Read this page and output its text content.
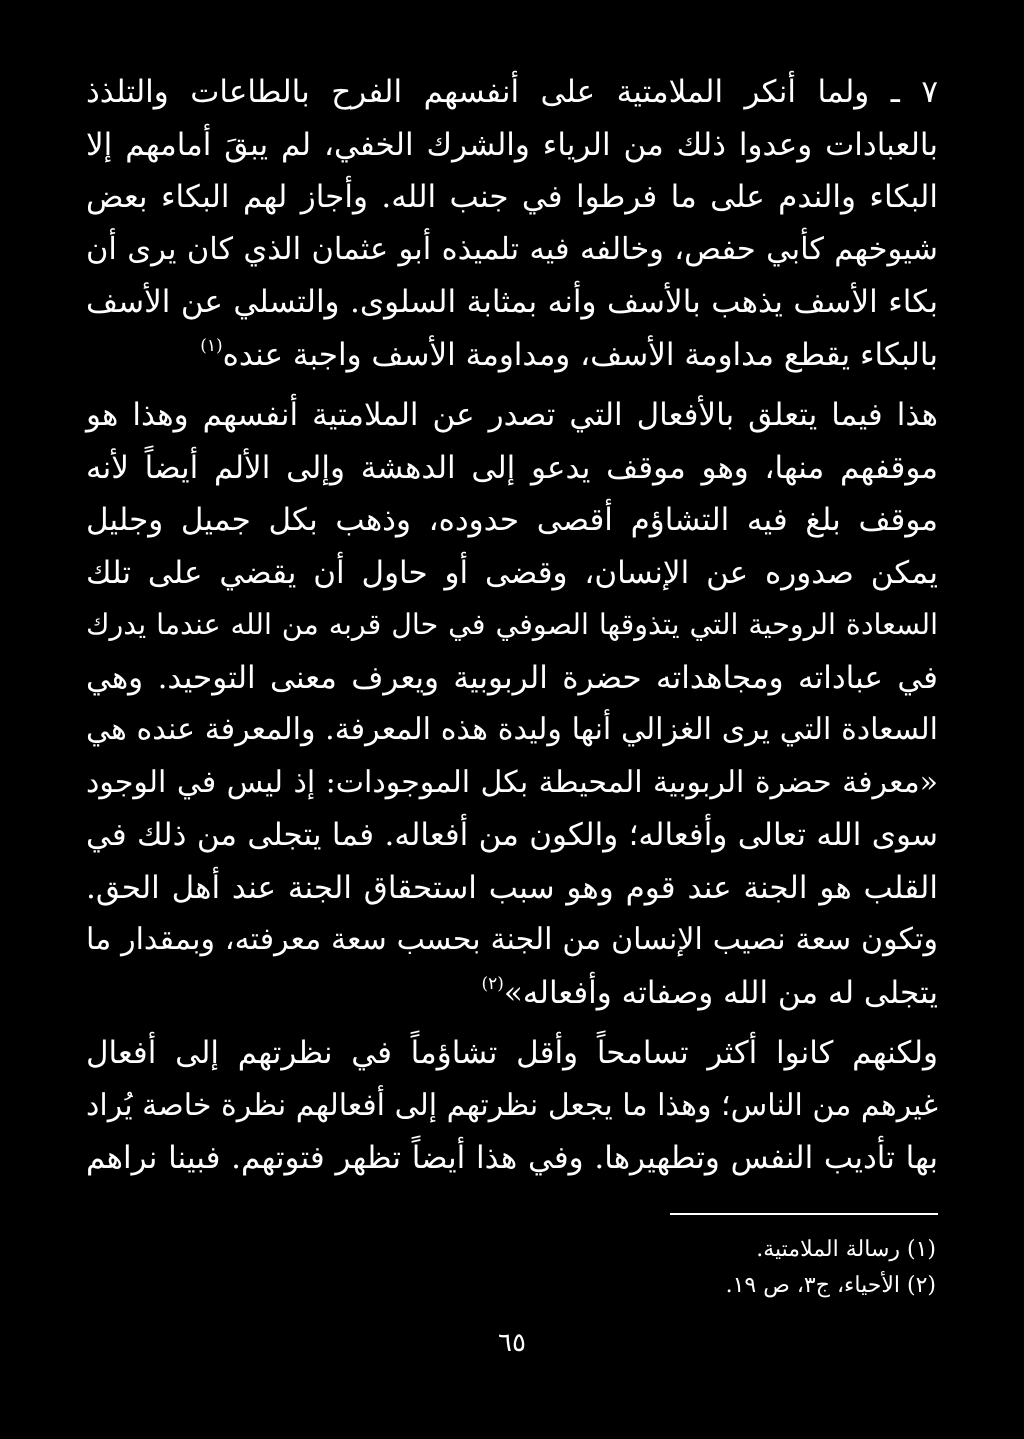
٧ ـ ولما أنكر الملامتية على أنفسهم الفرح بالطاعات والتلذذ
بالعبادات وعدوا ذلك من الرياء والشرك الخفي، لم يبقَ أمامهم إلا
البكاء والندم على ما فرطوا في جنب الله. وأجاز لهم البكاء بعض
شيوخهم كأبي حفص، وخالفه فيه تلميذه أبو عثمان الذي كان يرى أن
بكاء الأسف يذهب بالأسف وأنه بمثابة السلوى. والتسلي عن الأسف
بالبكاء يقطع مداومة الأسف، ومداومة الأسف واجبة عنده$^{(١)}$
هذا فيما يتعلق بالأفعال التي تصدر عن الملامتية أنفسهم وهذا هو
موقفهم منها، وهو موقف يدعو إلى الدهشة وإلى الألم أيضاً لأنه
موقف بلغ فيه التشاؤم أقصى حدوده، وذهب بكل جميل وجليل
يمكن صدوره عن الإنسان، وقضى أو حاول أن يقضي على تلك
السعادة الروحية التي يتذوقها الصوفي في حال قربه من الله عندما يدرك
في عباداته ومجاهداته حضرة الربوبية ويعرف معنى التوحيد. وهي
السعادة التي يرى الغزالي أنها وليدة هذه المعرفة. والمعرفة عنده هي
«معرفة حضرة الربوبية المحيطة بكل الموجودات: إذ ليس في الوجود
سوى الله تعالى وأفعاله؛ والكون من أفعاله. فما يتجلى من ذلك في
القلب هو الجنة عند قوم وهو سبب استحقاق الجنة عند أهل الحق.
وتكون سعة نصيب الإنسان من الجنة بحسب سعة معرفته، وبمقدار ما
يتجلى له من الله وصفاته وأفعاله»$^{(٢)}$
ولكنهم كانوا أكثر تسامحاً وأقل تشاؤماً في نظرتهم إلى أفعال
غيرهم من الناس؛ وهذا ما يجعل نظرتهم إلى أفعالهم نظرة خاصة يُراد
بها تأديب النفس وتطهيرها. وفي هذا أيضاً تظهر فتوتهم. فبينا نراهم
(١) رسالة الملامتية.
(٢) الأحياء، ج٣، ص ١٩.
٦٥
